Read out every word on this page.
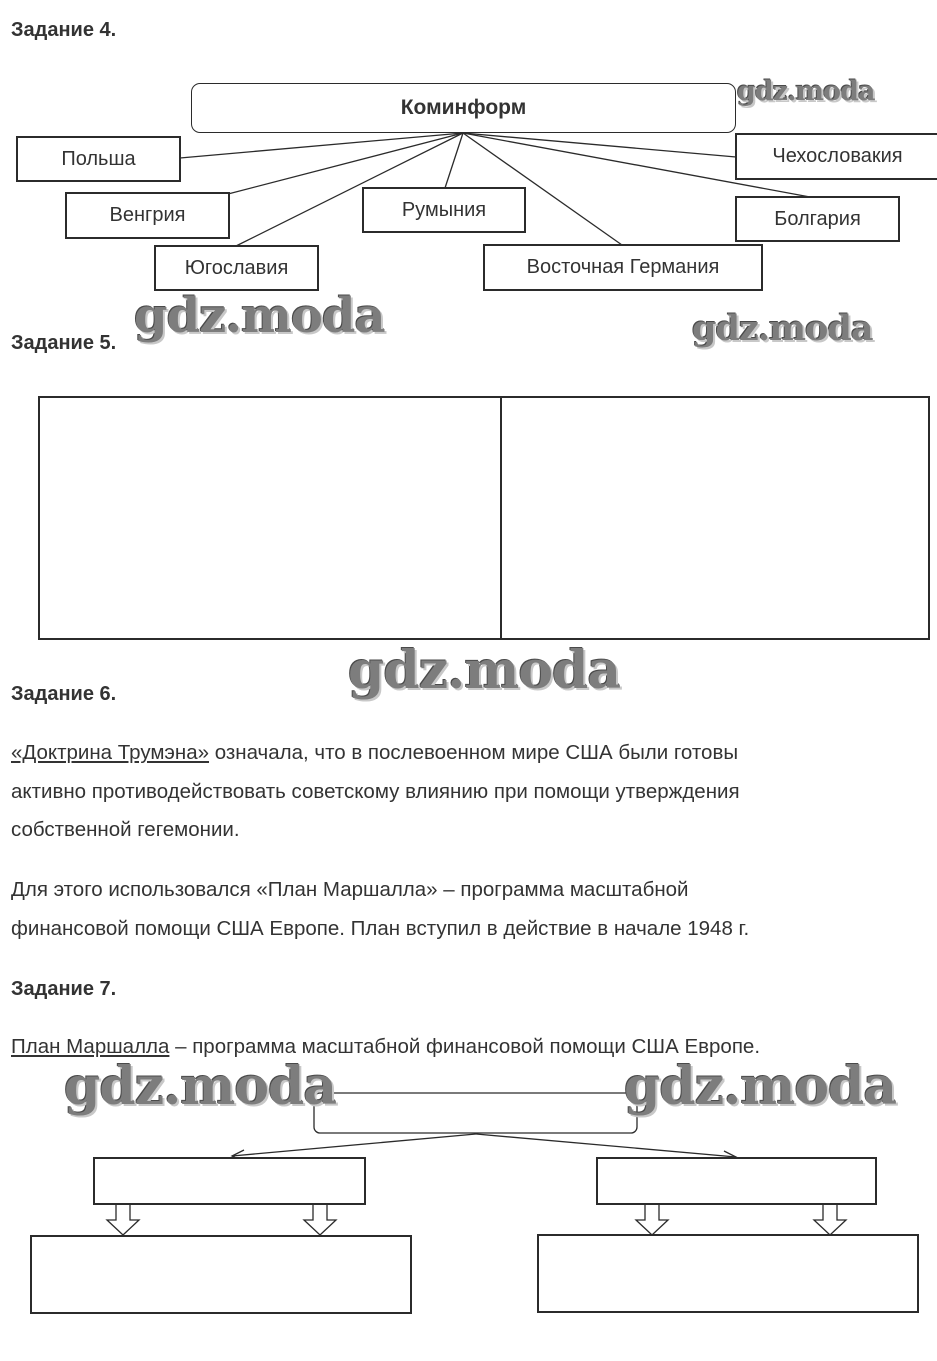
Задание 4.
Коминформ
Польша	Чехословакия
Венгрия	Румыния	Болгария
Югославия	Восточная Германия
gdz.moda
gdz.moda	gdz.moda
Задание 5.
gdz.moda
Задание 6.
«Доктрина Трумэна» означала, что в послевоенном мире США были готовы
активно противодействовать советскому влиянию при помощи утверждения
собственной гегемонии.
Для этого использовался «План Маршалла» – программа масштабной
финансовой помощи США Европе. План вступил в действие в начале 1948 г.
Задание 7.
План Маршалла – программа масштабной финансовой помощи США Европе.
gdz.moda	gdz.moda
